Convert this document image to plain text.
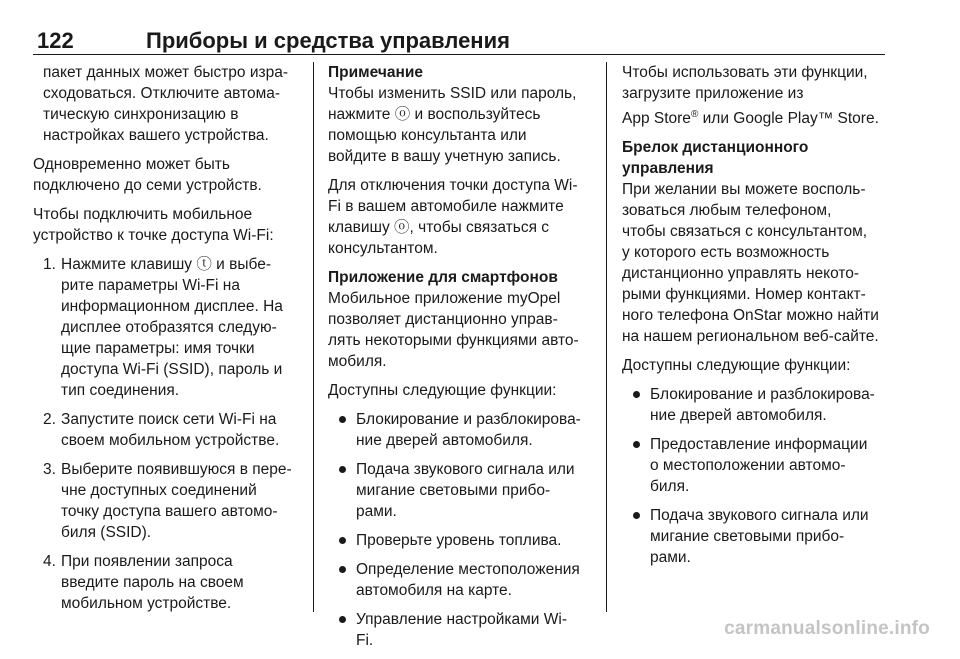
122	Приборы и средства управления
пакет данных может быстро изра-
сходоваться. Отключите автома-
тическую синхронизацию в
настройках вашего устройства.
Одновременно может быть
подключено до семи устройств.
Чтобы подключить мобильное
устройство к точке доступа Wi-Fi:
1. Нажмите клавишу ⓣ и выбе-
рите параметры Wi-Fi на
информационном дисплее. На
дисплее отобразятся следую-
щие параметры: имя точки
доступа Wi-Fi (SSID), пароль и
тип соединения.
2. Запустите поиск сети Wi-Fi на
своем мобильном устройстве.
3. Выберите появившуюся в пере-
чне доступных соединений
точку доступа вашего автомо-
биля (SSID).
4. При появлении запроса
введите пароль на своем
мобильном устройстве.
Примечание
Чтобы изменить SSID или пароль,
нажмите ⓞ и воспользуйтесь
помощью консультанта или
войдите в вашу учетную запись.
Для отключения точки доступа Wi-
Fi в вашем автомобиле нажмите
клавишу ⓞ, чтобы связаться с
консультантом.
Приложение для смартфонов
Мобильное приложение myOpel
позволяет дистанционно управ-
лять некоторыми функциями авто-
мобиля.
Доступны следующие функции:
Блокирование и разблокирова-
ние дверей автомобиля.
Подача звукового сигнала или
мигание световыми прибо-
рами.
Проверьте уровень топлива.
Определение местоположения
автомобиля на карте.
Управление настройками Wi-
Fi.
Чтобы использовать эти функции,
загрузите приложение из
App Store® или Google Play™ Store.
Брелок дистанционного
управления
При желании вы можете восполь-
зоваться любым телефоном,
чтобы связаться с консультантом,
у которого есть возможность
дистанционно управлять некото-
рыми функциями. Номер контакт-
ного телефона OnStar можно найти
на нашем региональном веб-сайте.
Доступны следующие функции:
Блокирование и разблокирова-
ние дверей автомобиля.
Предоставление информации
о местоположении автомо-
биля.
Подача звукового сигнала или
мигание световыми прибо-
рами.
carmanualsonline.info
